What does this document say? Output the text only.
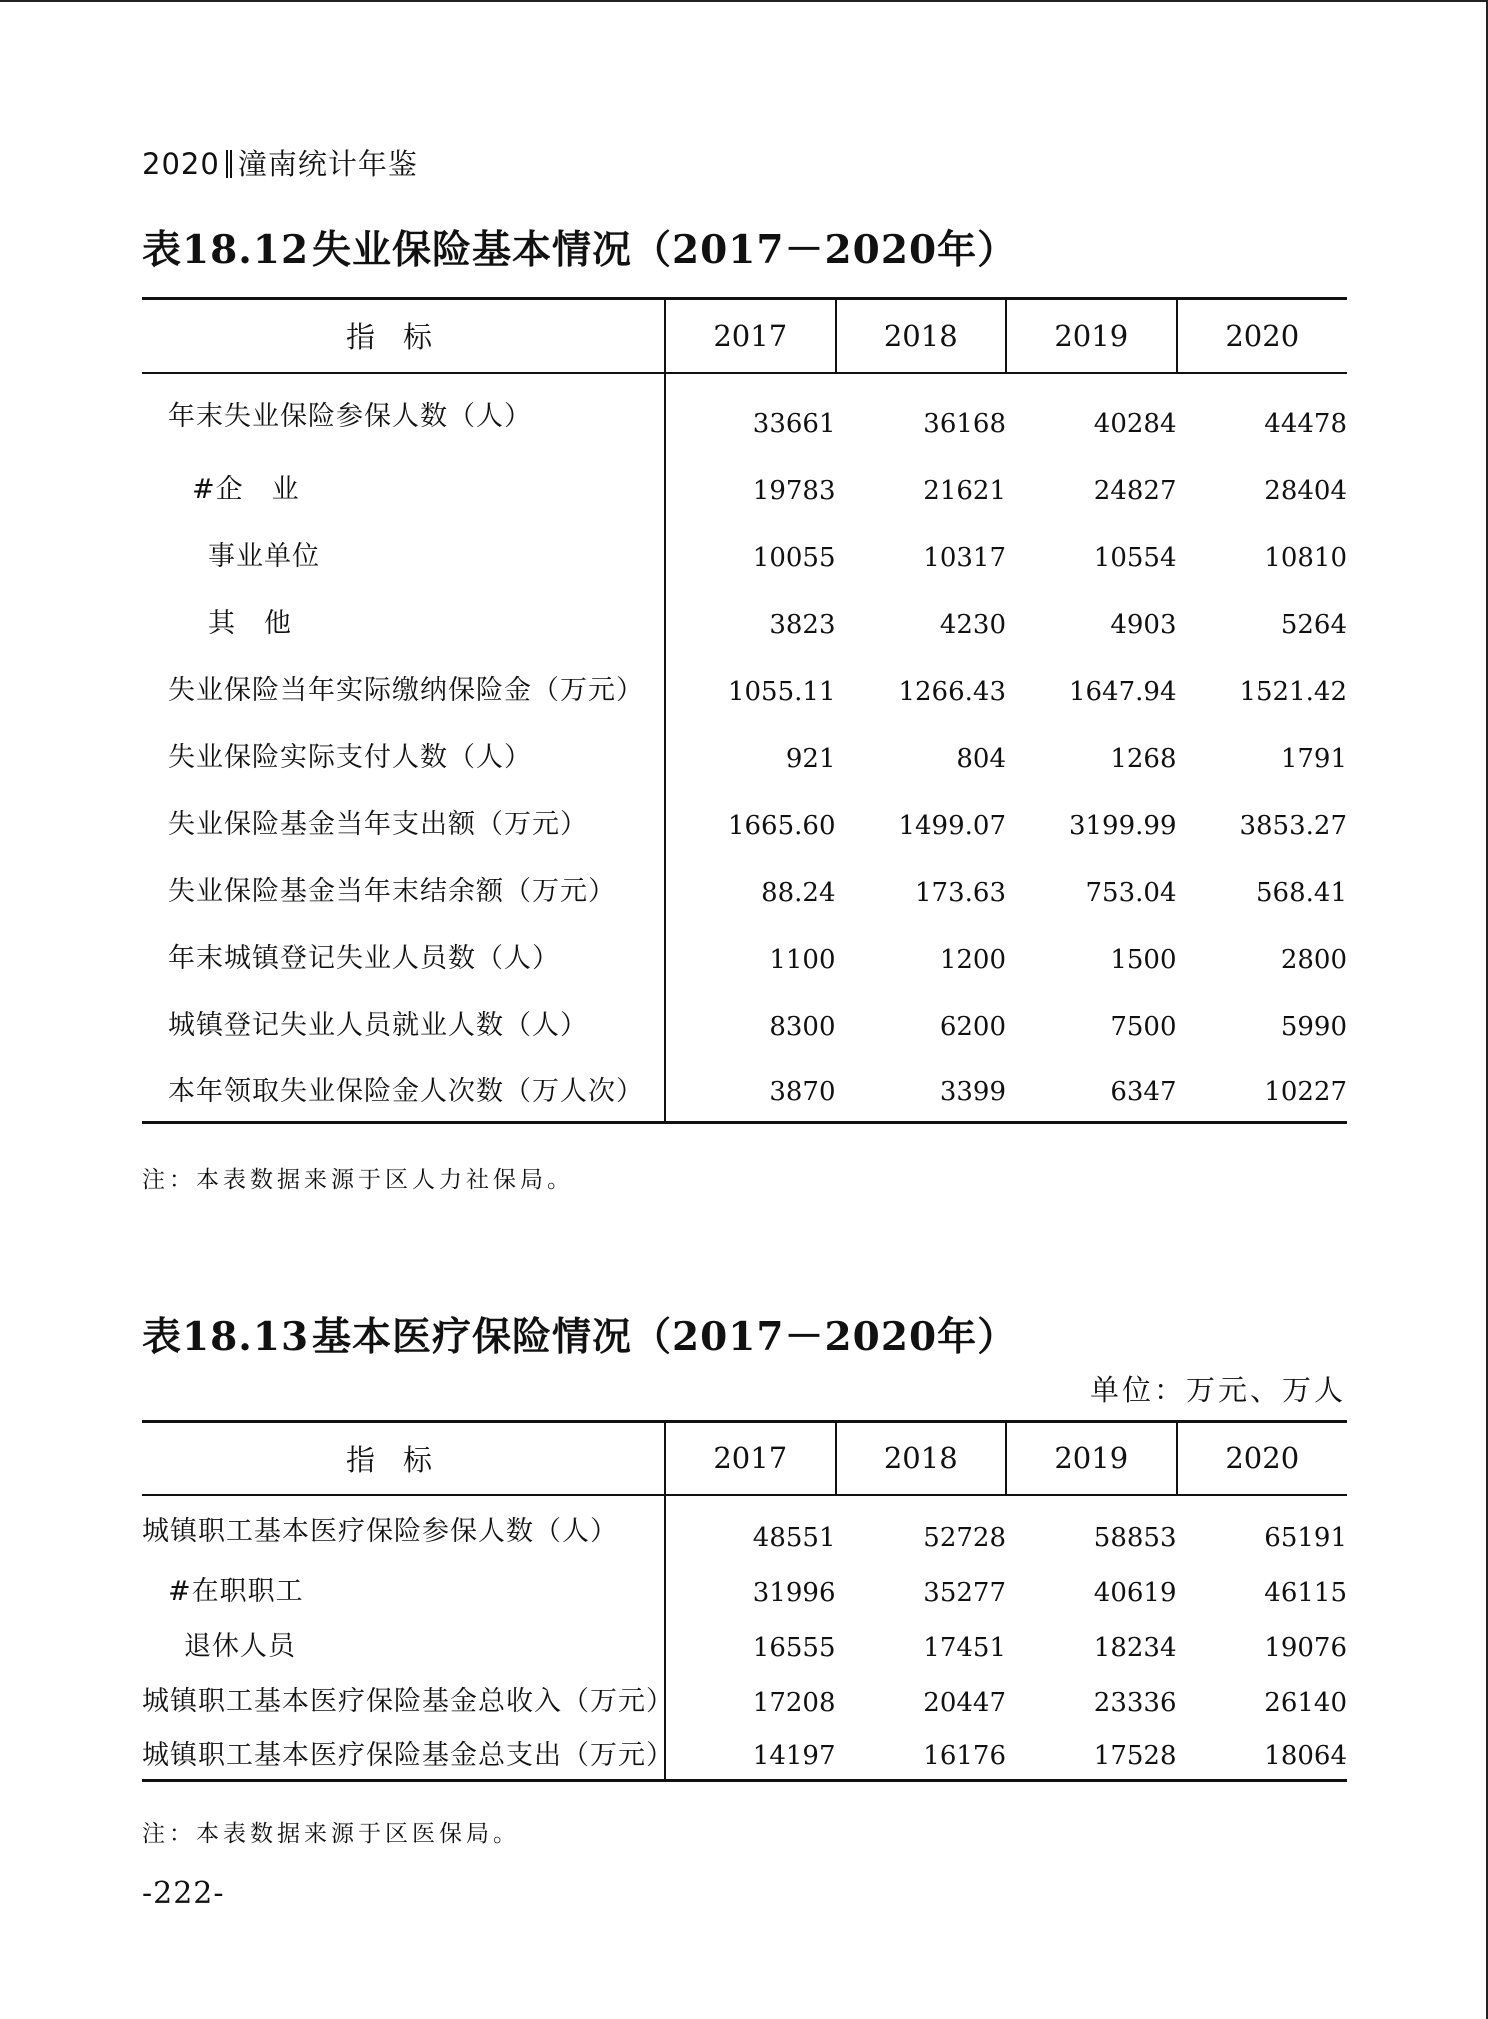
2020 潼南统计年鉴
表18.12失业保险基本情况（2017－2020年）
指标	2017	2018	2019	2020
年末失业保险参保人数（人）	33661	36168	40284	44478
#企　业	19783	21621	24827	28404
事业单位	10055	10317	10554	10810
其　他	3823	4230	4903	5264
失业保险当年实际缴纳保险金（万元）	1055.11	1266.43	1647.94	1521.42
失业保险实际支付人数（人）	921	804	1268	1791
失业保险基金当年支出额（万元）	1665.60	1499.07	3199.99	3853.27
失业保险基金当年末结余额（万元）	88.24	173.63	753.04	568.41
年末城镇登记失业人员数（人）	1100	1200	1500	2800
城镇登记失业人员就业人数（人）	8300	6200	7500	5990
本年领取失业保险金人次数（万人次）	3870	3399	6347	10227
注：本表数据来源于区人力社保局。
表18.13基本医疗保险情况（2017－2020年）
单位：万元、万人
指标	2017	2018	2019	2020
城镇职工基本医疗保险参保人数（人）	48551	52728	58853	65191
#在职职工	31996	35277	40619	46115
退休人员	16555	17451	18234	19076
城镇职工基本医疗保险基金总收入（万元）	17208	20447	23336	26140
城镇职工基本医疗保险基金总支出（万元）	14197	16176	17528	18064
注：本表数据来源于区医保局。
-222-
